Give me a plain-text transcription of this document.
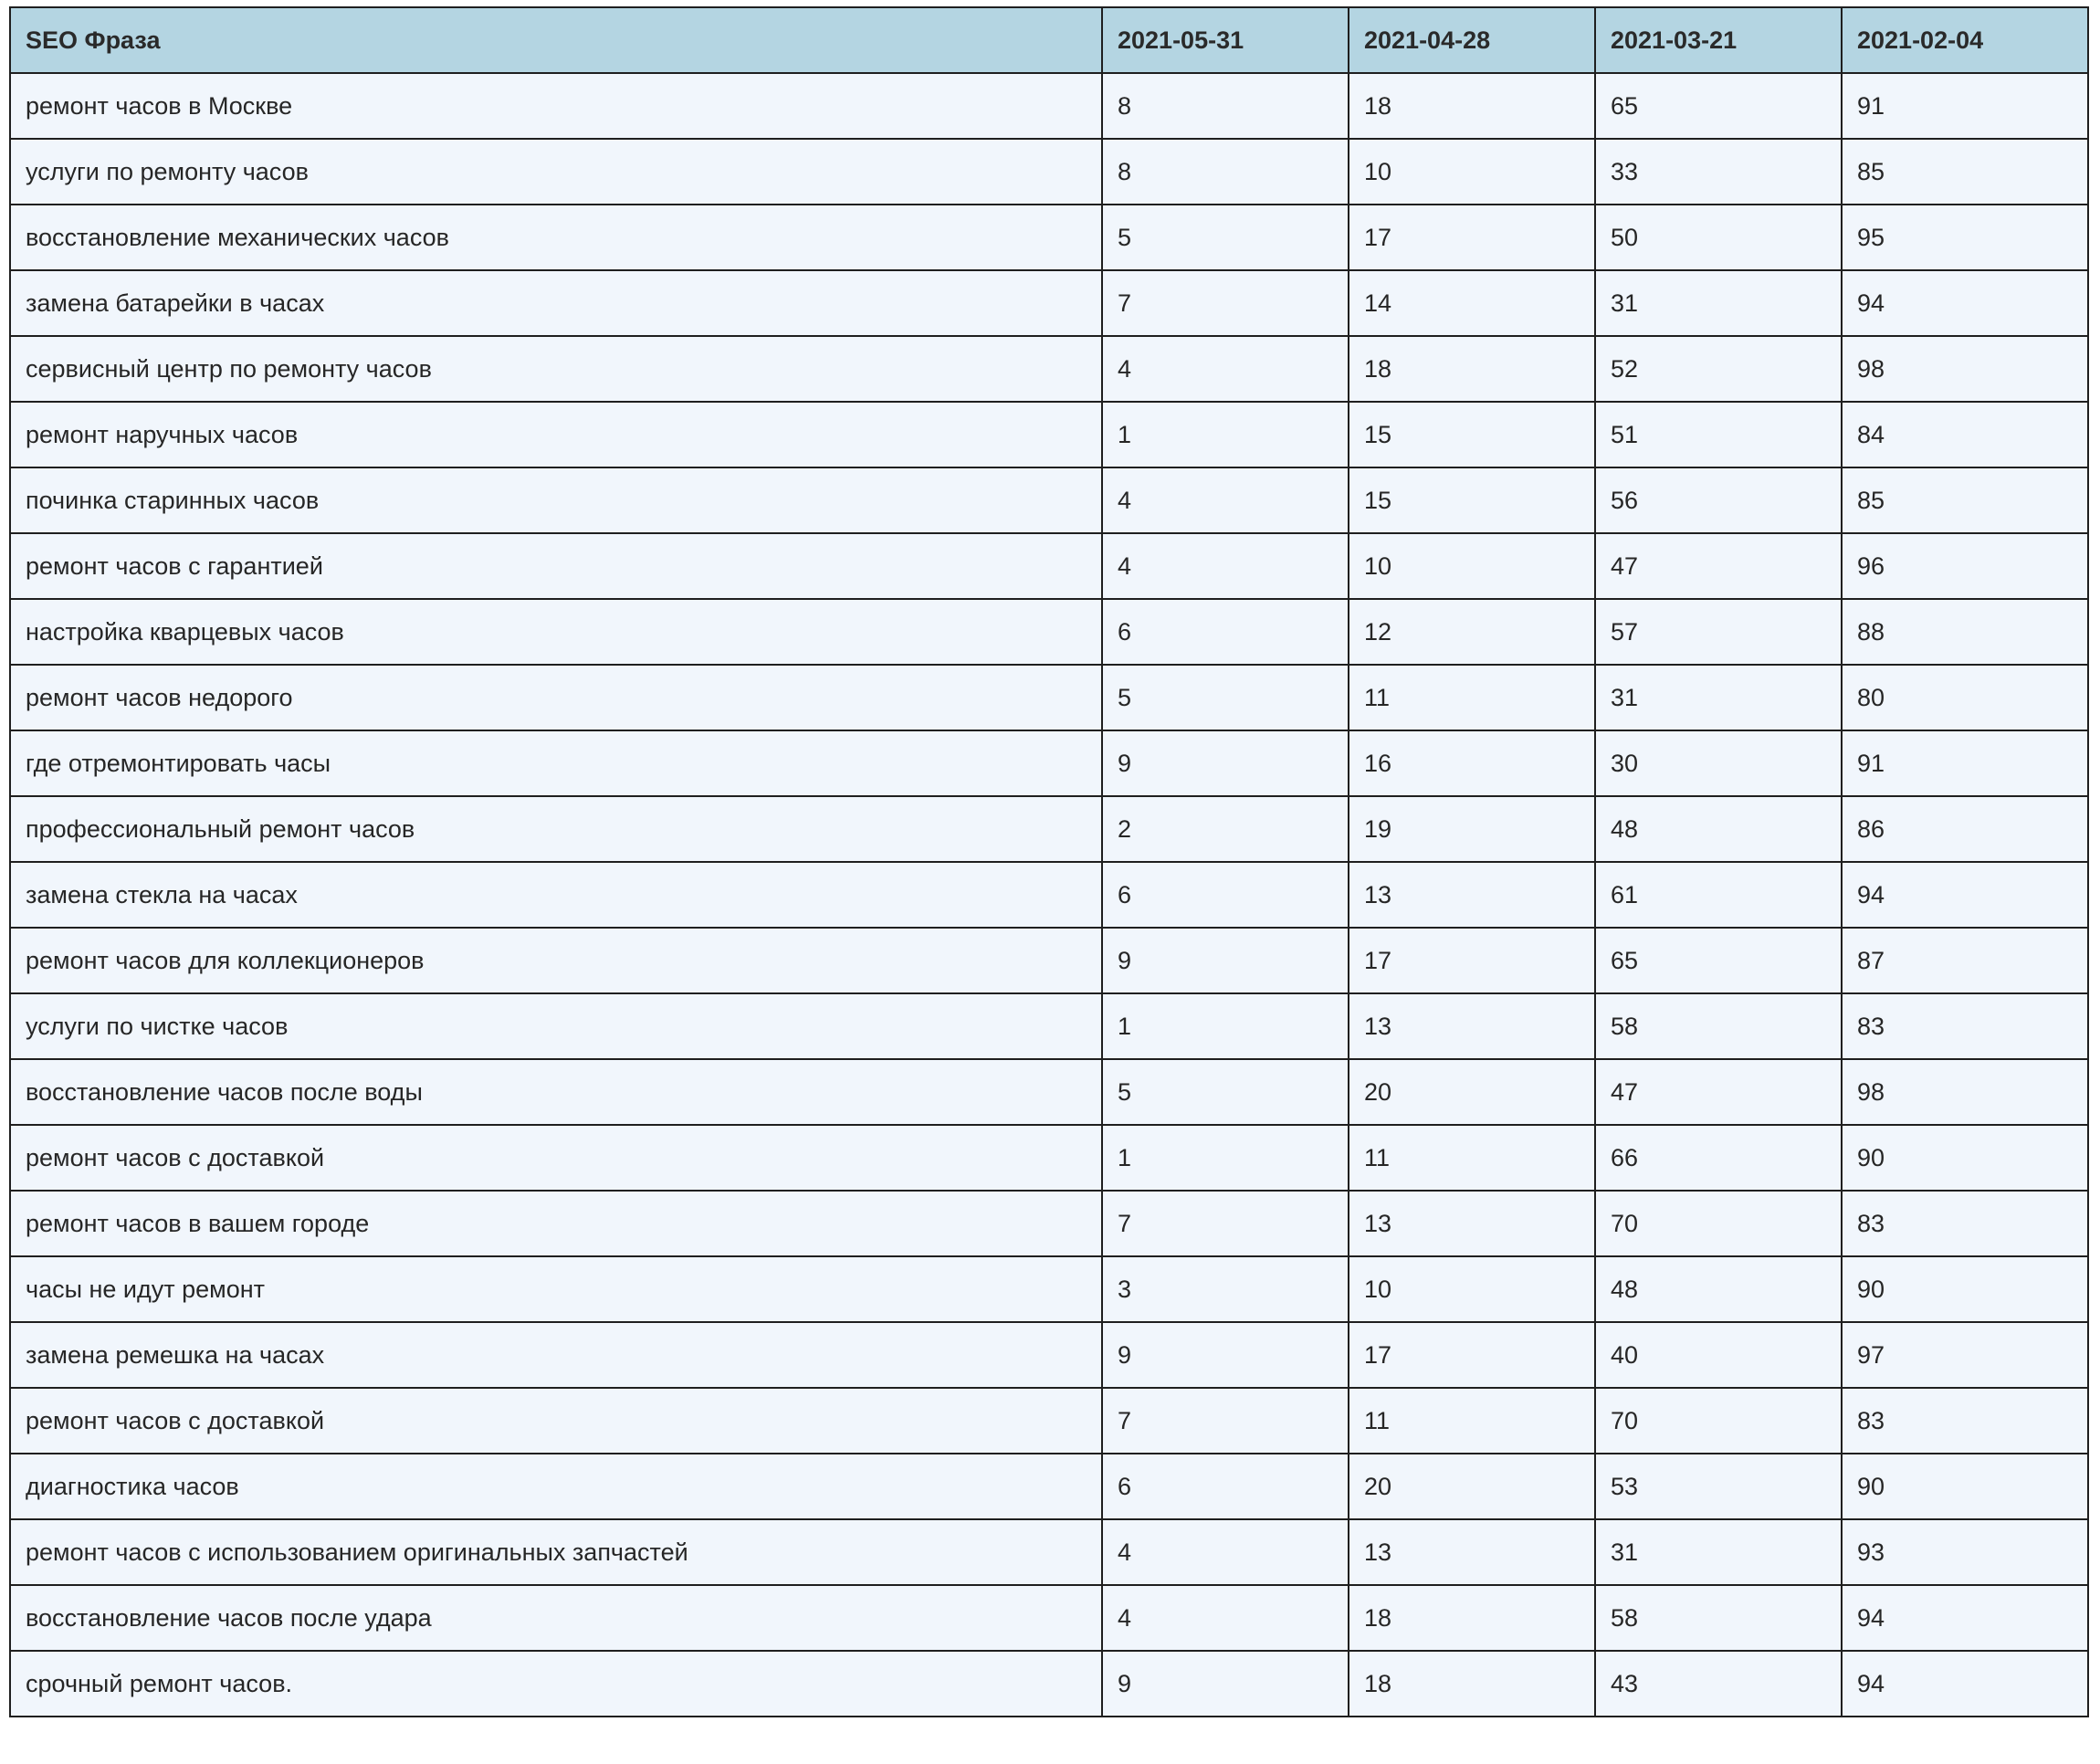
SEO Фраза	2021-05-31	2021-04-28	2021-03-21	2021-02-04
ремонт часов в Москве	8	18	65	91
услуги по ремонту часов	8	10	33	85
восстановление механических часов	5	17	50	95
замена батарейки в часах	7	14	31	94
сервисный центр по ремонту часов	4	18	52	98
ремонт наручных часов	1	15	51	84
починка старинных часов	4	15	56	85
ремонт часов с гарантией	4	10	47	96
настройка кварцевых часов	6	12	57	88
ремонт часов недорого	5	11	31	80
где отремонтировать часы	9	16	30	91
профессиональный ремонт часов	2	19	48	86
замена стекла на часах	6	13	61	94
ремонт часов для коллекционеров	9	17	65	87
услуги по чистке часов	1	13	58	83
восстановление часов после воды	5	20	47	98
ремонт часов с доставкой	1	11	66	90
ремонт часов в вашем городе	7	13	70	83
часы не идут ремонт	3	10	48	90
замена ремешка на часах	9	17	40	97
ремонт часов с доставкой	7	11	70	83
диагностика часов	6	20	53	90
ремонт часов с использованием оригинальных запчастей	4	13	31	93
восстановление часов после удара	4	18	58	94
срочный ремонт часов.	9	18	43	94
